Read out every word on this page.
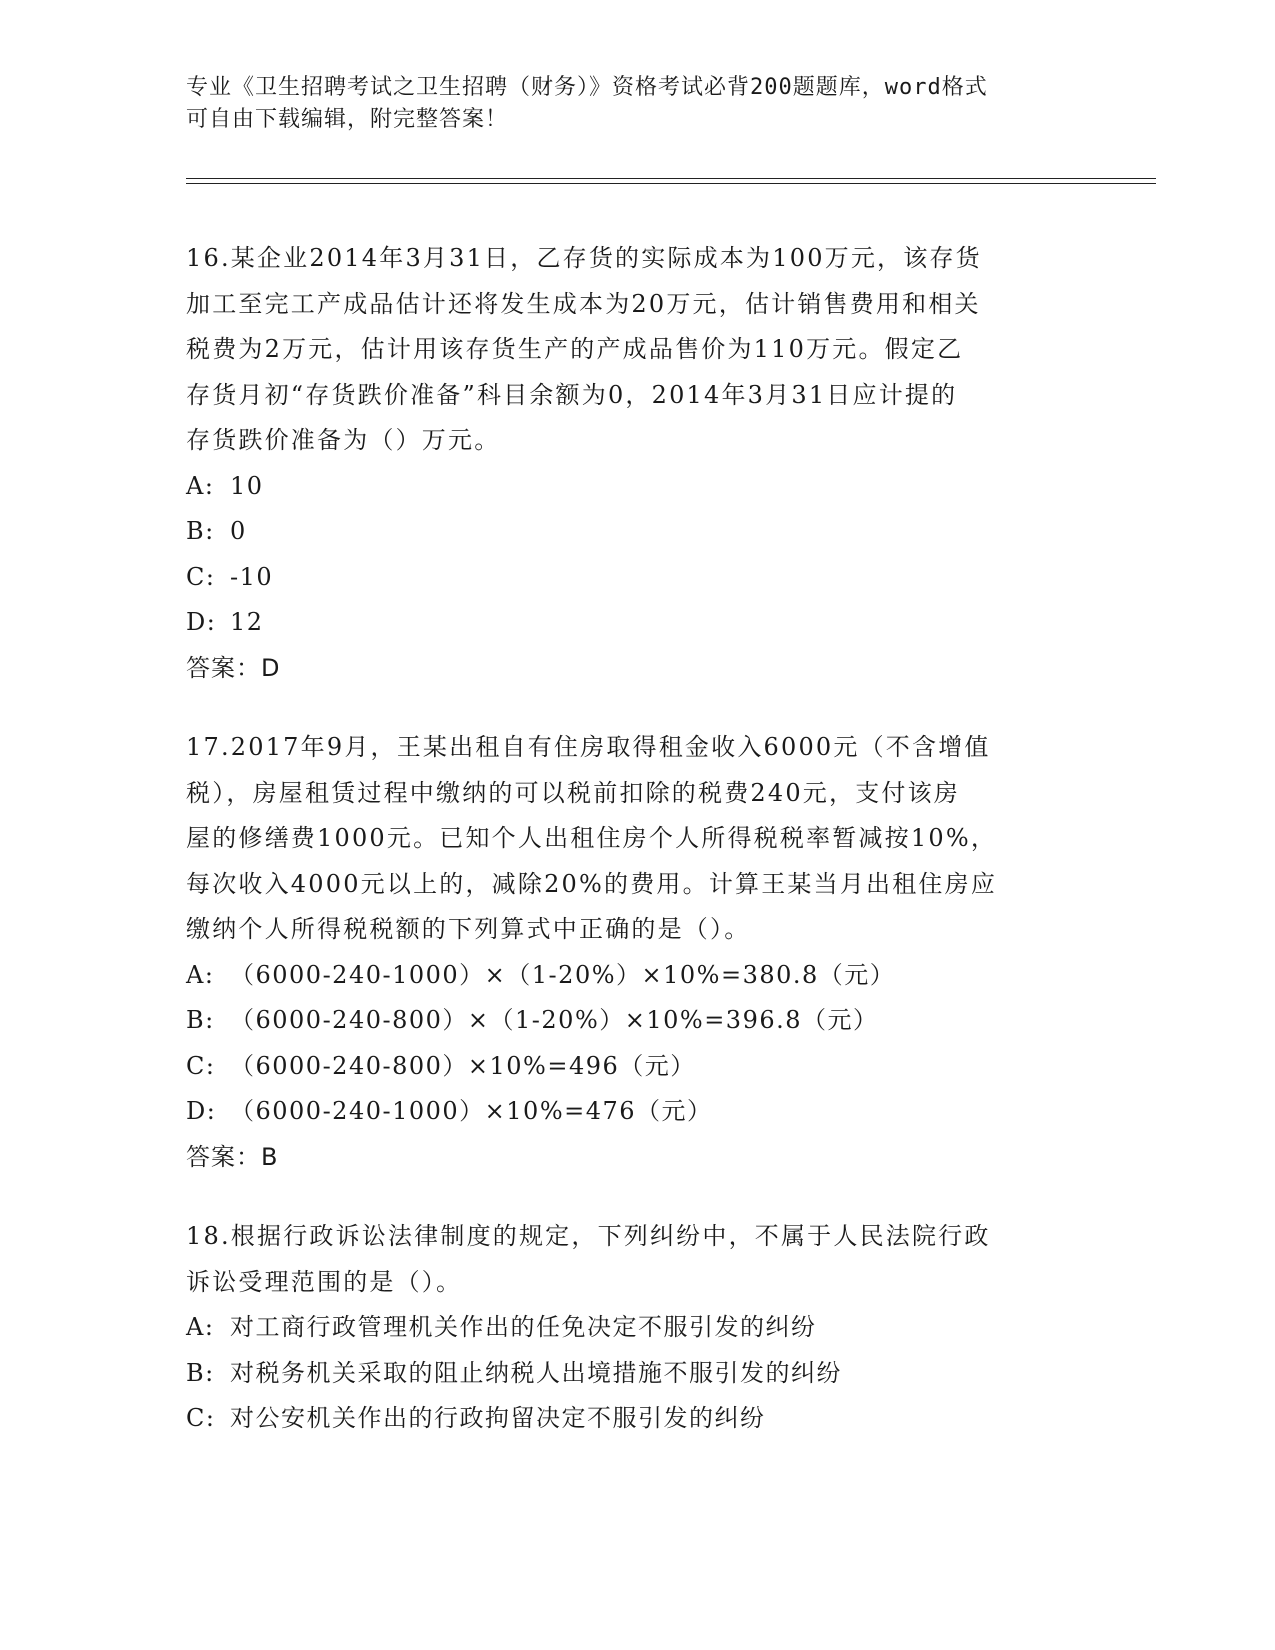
专业《卫生招聘考试之卫生招聘（财务）》资格考试必背200题题库，word格式
可自由下载编辑，附完整答案！

16.某企业2014年3月31日，乙存货的实际成本为100万元，该存货

加工至完工产成品估计还将发生成本为20万元，估计销售费用和相关

税费为2万元，估计用该存货生产的产成品售价为110万元。假定乙

存货月初“存货跌价准备”科目余额为0，2014年3月31日应计提的

存货跌价准备为（）万元。

A: 10

B: 0

C: -10

D: 12

答案：D

17.2017年9月，王某出租自有住房取得租金收入6000元（不含增值

税），房屋租赁过程中缴纳的可以税前扣除的税费240元，支付该房

屋的修缮费1000元。已知个人出租住房个人所得税税率暂减按10%，

每次收入4000元以上的，减除20%的费用。计算王某当月出租住房应

缴纳个人所得税税额的下列算式中正确的是（）。

A: （6000-240-1000）×（1-20%）×10%=380.8（元）

B: （6000-240-800）×（1-20%）×10%=396.8（元）

C: （6000-240-800）×10%=496（元）

D: （6000-240-1000）×10%=476（元）

答案：B

18.根据行政诉讼法律制度的规定，下列纠纷中，不属于人民法院行政

诉讼受理范围的是（）。

A: 对工商行政管理机关作出的任免决定不服引发的纠纷

B: 对税务机关采取的阻止纳税人出境措施不服引发的纠纷

C: 对公安机关作出的行政拘留决定不服引发的纠纷
